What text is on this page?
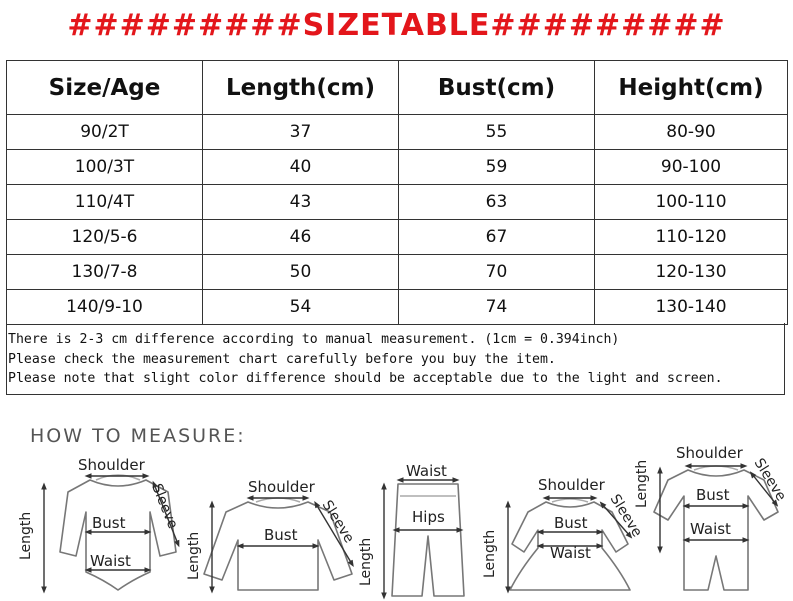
#########SIZETABLE#########
Size/Age	Length(cm)	Bust(cm)	Height(cm)
90/2T	37	55	80-90
100/3T	40	59	90-100
110/4T	43	63	100-110
120/5-6	46	67	110-120
130/7-8	50	70	120-130
140/9-10	54	74	130-140
There is 2-3 cm difference according to manual measurement. (1cm = 0.394inch)
Please check the measurement chart carefully before you buy the item.
Please note that slight color difference should be acceptable due to the light and screen.
HOW TO MEASURE:
Shoulder
Sleeve
Length	Bust
Waist
Shoulder
Sleeve
Length	Bust
Waist
Length
Hips
Shoulder
Sleeve
Length
Bust
Waist
Shoulder
Sleeve
Length	Bust
Waist
